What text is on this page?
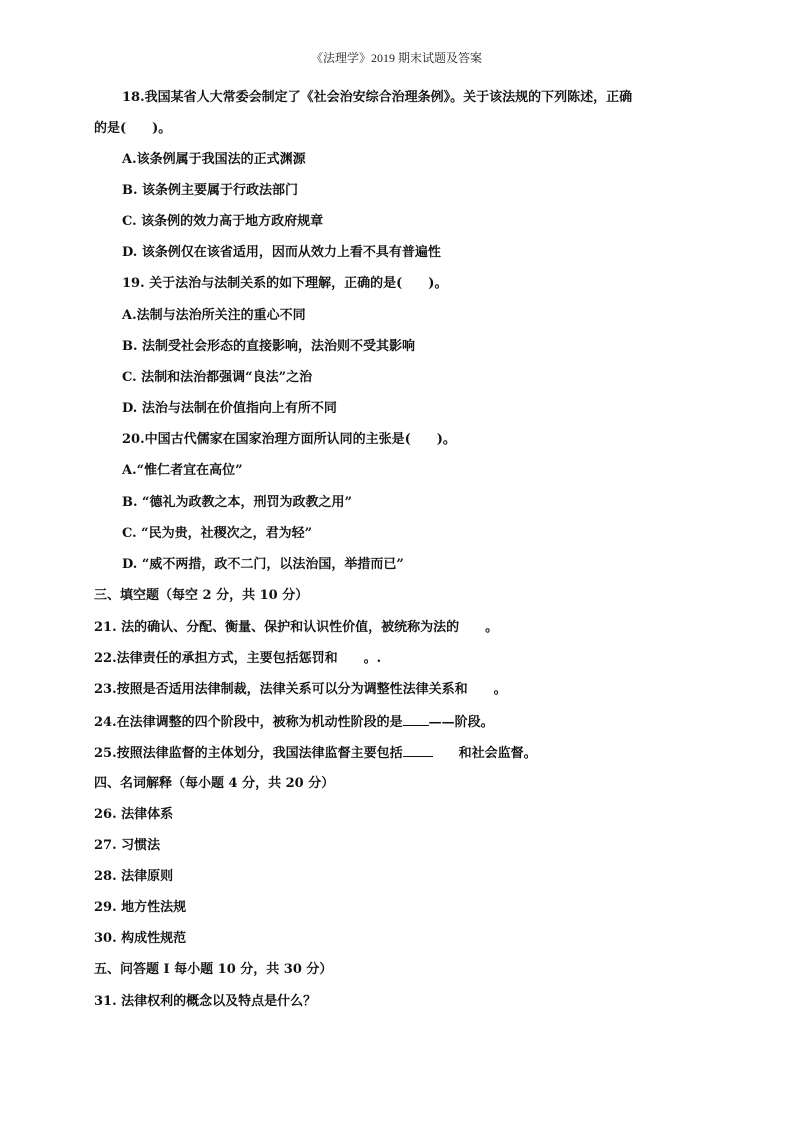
《法理学》2019 期末试题及答案
18.我国某省人大常委会制定了《社会治安综合治理条例》。关于该法规的下列陈述，正确
的是(　　)。
A.该条例属于我国法的正式渊源
B. 该条例主要属于行政法部门
C. 该条例的效力高于地方政府规章
D. 该条例仅在该省适用，因而从效力上看不具有普遍性
19. 关于法治与法制关系的如下理解，正确的是(　　)。
A.法制与法治所关注的重心不同
B. 法制受社会形态的直接影响，法治则不受其影响
C. 法制和法治都强调“良法”之治
D. 法治与法制在价值指向上有所不同
20.中国古代儒家在国家治理方面所认同的主张是(　　)。
A.“惟仁者宜在高位”
B. “德礼为政教之本，刑罚为政教之用”
C. “民为贵，社稷次之，君为轻”
D. “威不两措，政不二门，以法治国，举措而已”
三、填空题（每空 2 分，共 10 分）
21. 法的确认、分配、衡量、保护和认识性价值，被统称为法的　　。
22.法律责任的承担方式，主要包括惩罚和　　。.
23.按照是否适用法律制裁，法律关系可以分为调整性法律关系和　　。
24.在法律调整的四个阶段中，被称为机动性阶段的是 ——阶段。
25.按照法律监督的主体划分，我国法律监督主要包括	和社会监督。
四、名词解释（每小题 4 分，共 20 分）
26. 法律体系
27. 习惯法
28. 法律原则
29. 地方性法规
30. 构成性规范
五、问答题 I 每小题 10 分，共 30 分）
31. 法律权利的概念以及特点是什么？
